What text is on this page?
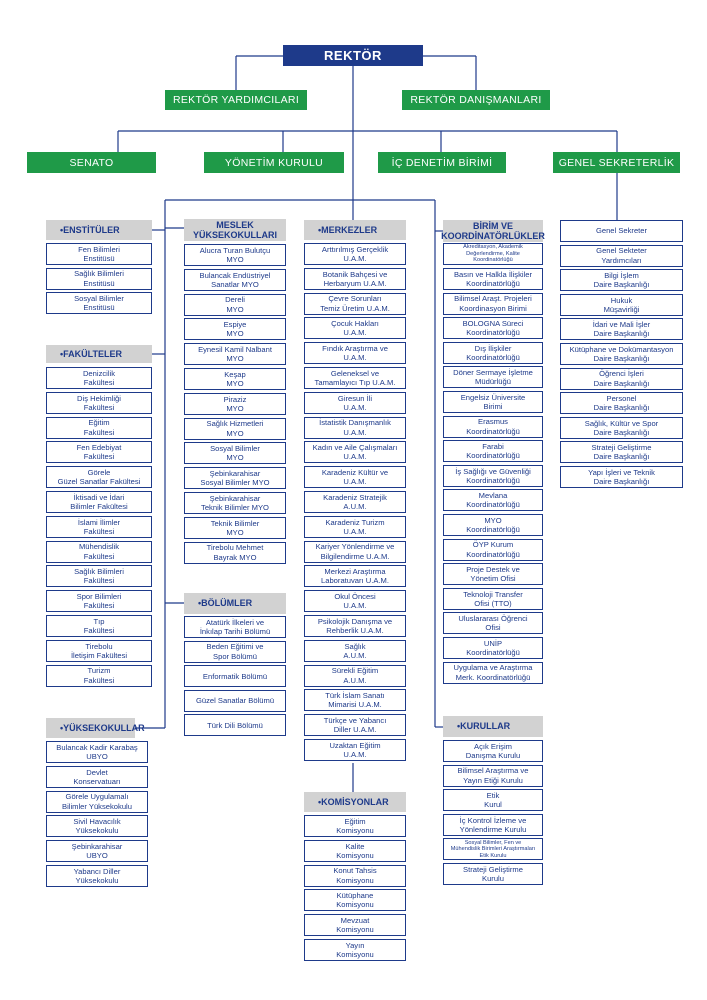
REKTÖR
REKTÖR YARDIMCILARI	REKTÖR DANIŞMANLARI
SENATO	YÖNETİM KURULU	İÇ DENETİM BİRİMİ	GENEL SEKRETERLİK
• ENSTİTÜLER
• FAKÜLTELER
• YÜKSEKOKULLAR
MESLEK
YÜKSEKOKULLARI
• BÖLÜMLER
• MERKEZLER
• KOMİSYONLAR
BİRİM VE
KOORDİNATÖRLÜKLER
• KURULLAR
Akreditasyon, Akademik Değerlendirme, Kalite Koordinatörlüğü
Fen Bilimleri
Enstitüsü
Sağlık Bilimleri
Enstitüsü
Sosyal Bilimler
Enstitüsü
Denizcilik
Fakültesi
Diş Hekimliği
Fakültesi
Eğitim
Fakültesi
Fen Edebiyat
Fakültesi
Görele
Güzel Sanatlar Fakültesi
İktisadi ve İdari
Bilimler Fakültesi
İslami İlimler
Fakültesi
Mühendislik
Fakültesi
Sağlık Bilimleri
Fakültesi
Spor Bilimleri
Fakültesi
Tıp
Fakültesi
Tirebolu
İletişim Fakültesi
Turizm
Fakültesi
Bulancak Kadir Karabaş
UBYO
Devlet
Konservatuarı
Görele Uygulamalı
Bilimler Yüksekokulu
Sivil Havacılık
Yüksekokulu
Şebinkarahisar
UBYO
Yabancı Diller
Yüksekokulu
Alucra Turan Bulutçu
MYO
Bulancak Endüstriyel
Sanatlar MYO
Dereli
MYO
Espiye
MYO
Eynesil Kamil Nalbant
MYO
Keşap
MYO
Piraziz
MYO
Sağlık Hizmetleri
MYO
Sosyal Bilimler
MYO
Şebinkarahisar
Sosyal Bilimler MYO
Şebinkarahisar
Teknik Bilimler MYO
Teknik Bilimler
MYO
Tirebolu Mehmet
Bayrak MYO
Atatürk İlkeleri ve
İnkılap Tarihi Bölümü
Beden Eğitimi ve
Spor Bölümü
Enformatik Bölümü
Güzel Sanatlar Bölümü
Türk Dili Bölümü
Arttırılmış Gerçeklik
U.A.M.
Botanik Bahçesi ve
Herbaryum U.A.M.
Çevre Sorunları
Temiz Üretim U.A.M.
Çocuk Hakları
U.A.M.
Fındık Araştırma ve
U.A.M.
Geleneksel ve
Tamamlayıcı Tıp U.A.M.
Giresun İli
U.A.M.
İstatistik Danışmanlık
U.A.M.
Kadın ve Aile Çalışmaları
U.A.M.
Karadeniz Kültür ve
U.A.M.
Karadeniz Stratejik
A.U.M.
Karadeniz Turizm
U.A.M.
Kariyer Yönlendirme ve
Bilgilendirme U.A.M.
Merkezi Araştırma
Laboratuvarı U.A.M.
Okul Öncesi
U.A.M.
Psikolojik Danışma ve
Rehberlik U.A.M.
Sağlık
A.U.M.
Sürekli Eğitim
A.U.M.
Türk İslam Sanatı
Mimarisi U.A.M.
Türkçe ve Yabancı
Diller U.A.M.
Uzaktan Eğitim
U.A.M.
Eğitim
Komisyonu
Kalite
Komisyonu
Konut Tahsis
Komisyonu
Kütüphane
Komisyonu
Mevzuat
Komisyonu
Yayın
Komisyonu
Basın ve Halkla İlişkiler
Koordinatörlüğü
Bilimsel Araşt. Projeleri
Koordinasyon Birimi
BOLOGNA Süreci
Koordinatörlüğü
Dış İlişkiler
Koordinatörlüğü
Döner Sermaye İşletme
Müdürlüğü
Engelsiz Üniversite
Birimi
Erasmus
Koordinatörlüğü
Farabi
Koordinatörlüğü
İş Sağlığı ve Güvenliği
Koordinatörlüğü
Mevlana
Koordinatörlüğü
MYO
Koordinatörlüğü
ÖYP Kurum
Koordinatörlüğü
Proje Destek ve
Yönetim Ofisi
Teknoloji Transfer
Ofisi (TTO)
Uluslararası Öğrenci
Ofisi
UNİP
Koordinatörlüğü
Uygulama ve Araştırma
Merk. Koordinatörlüğü
Açık Erişim
Danışma Kurulu
Bilimsel Araştırma ve
Yayın Etiği Kurulu
Etik
Kurul
İç Kontrol İzleme ve
Yönlendirme Kurulu
Sosyal Bilimler, Fen ve
Mühendislik Birimleri Araştırmaları
Etik Kurulu
Strateji Geliştirme
Kurulu
Genel Sekreter
Genel Sekteter
Yardımcıları
Bilgi İşlem
Daire Başkanlığı
Hukuk
Müşavirliği
İdari ve Mali İşler
Daire Başkanlığı
Kütüphane ve Dokümantasyon
Daire Başkanlığı
Öğrenci İşleri
Daire Başkanlığı
Personel
Daire Başkanlığı
Sağlık, Kültür ve Spor
Daire Başkanlığı
Strateji Geliştirme
Daire Başkanlığı
Yapı İşleri ve Teknik
Daire Başkanlığı
